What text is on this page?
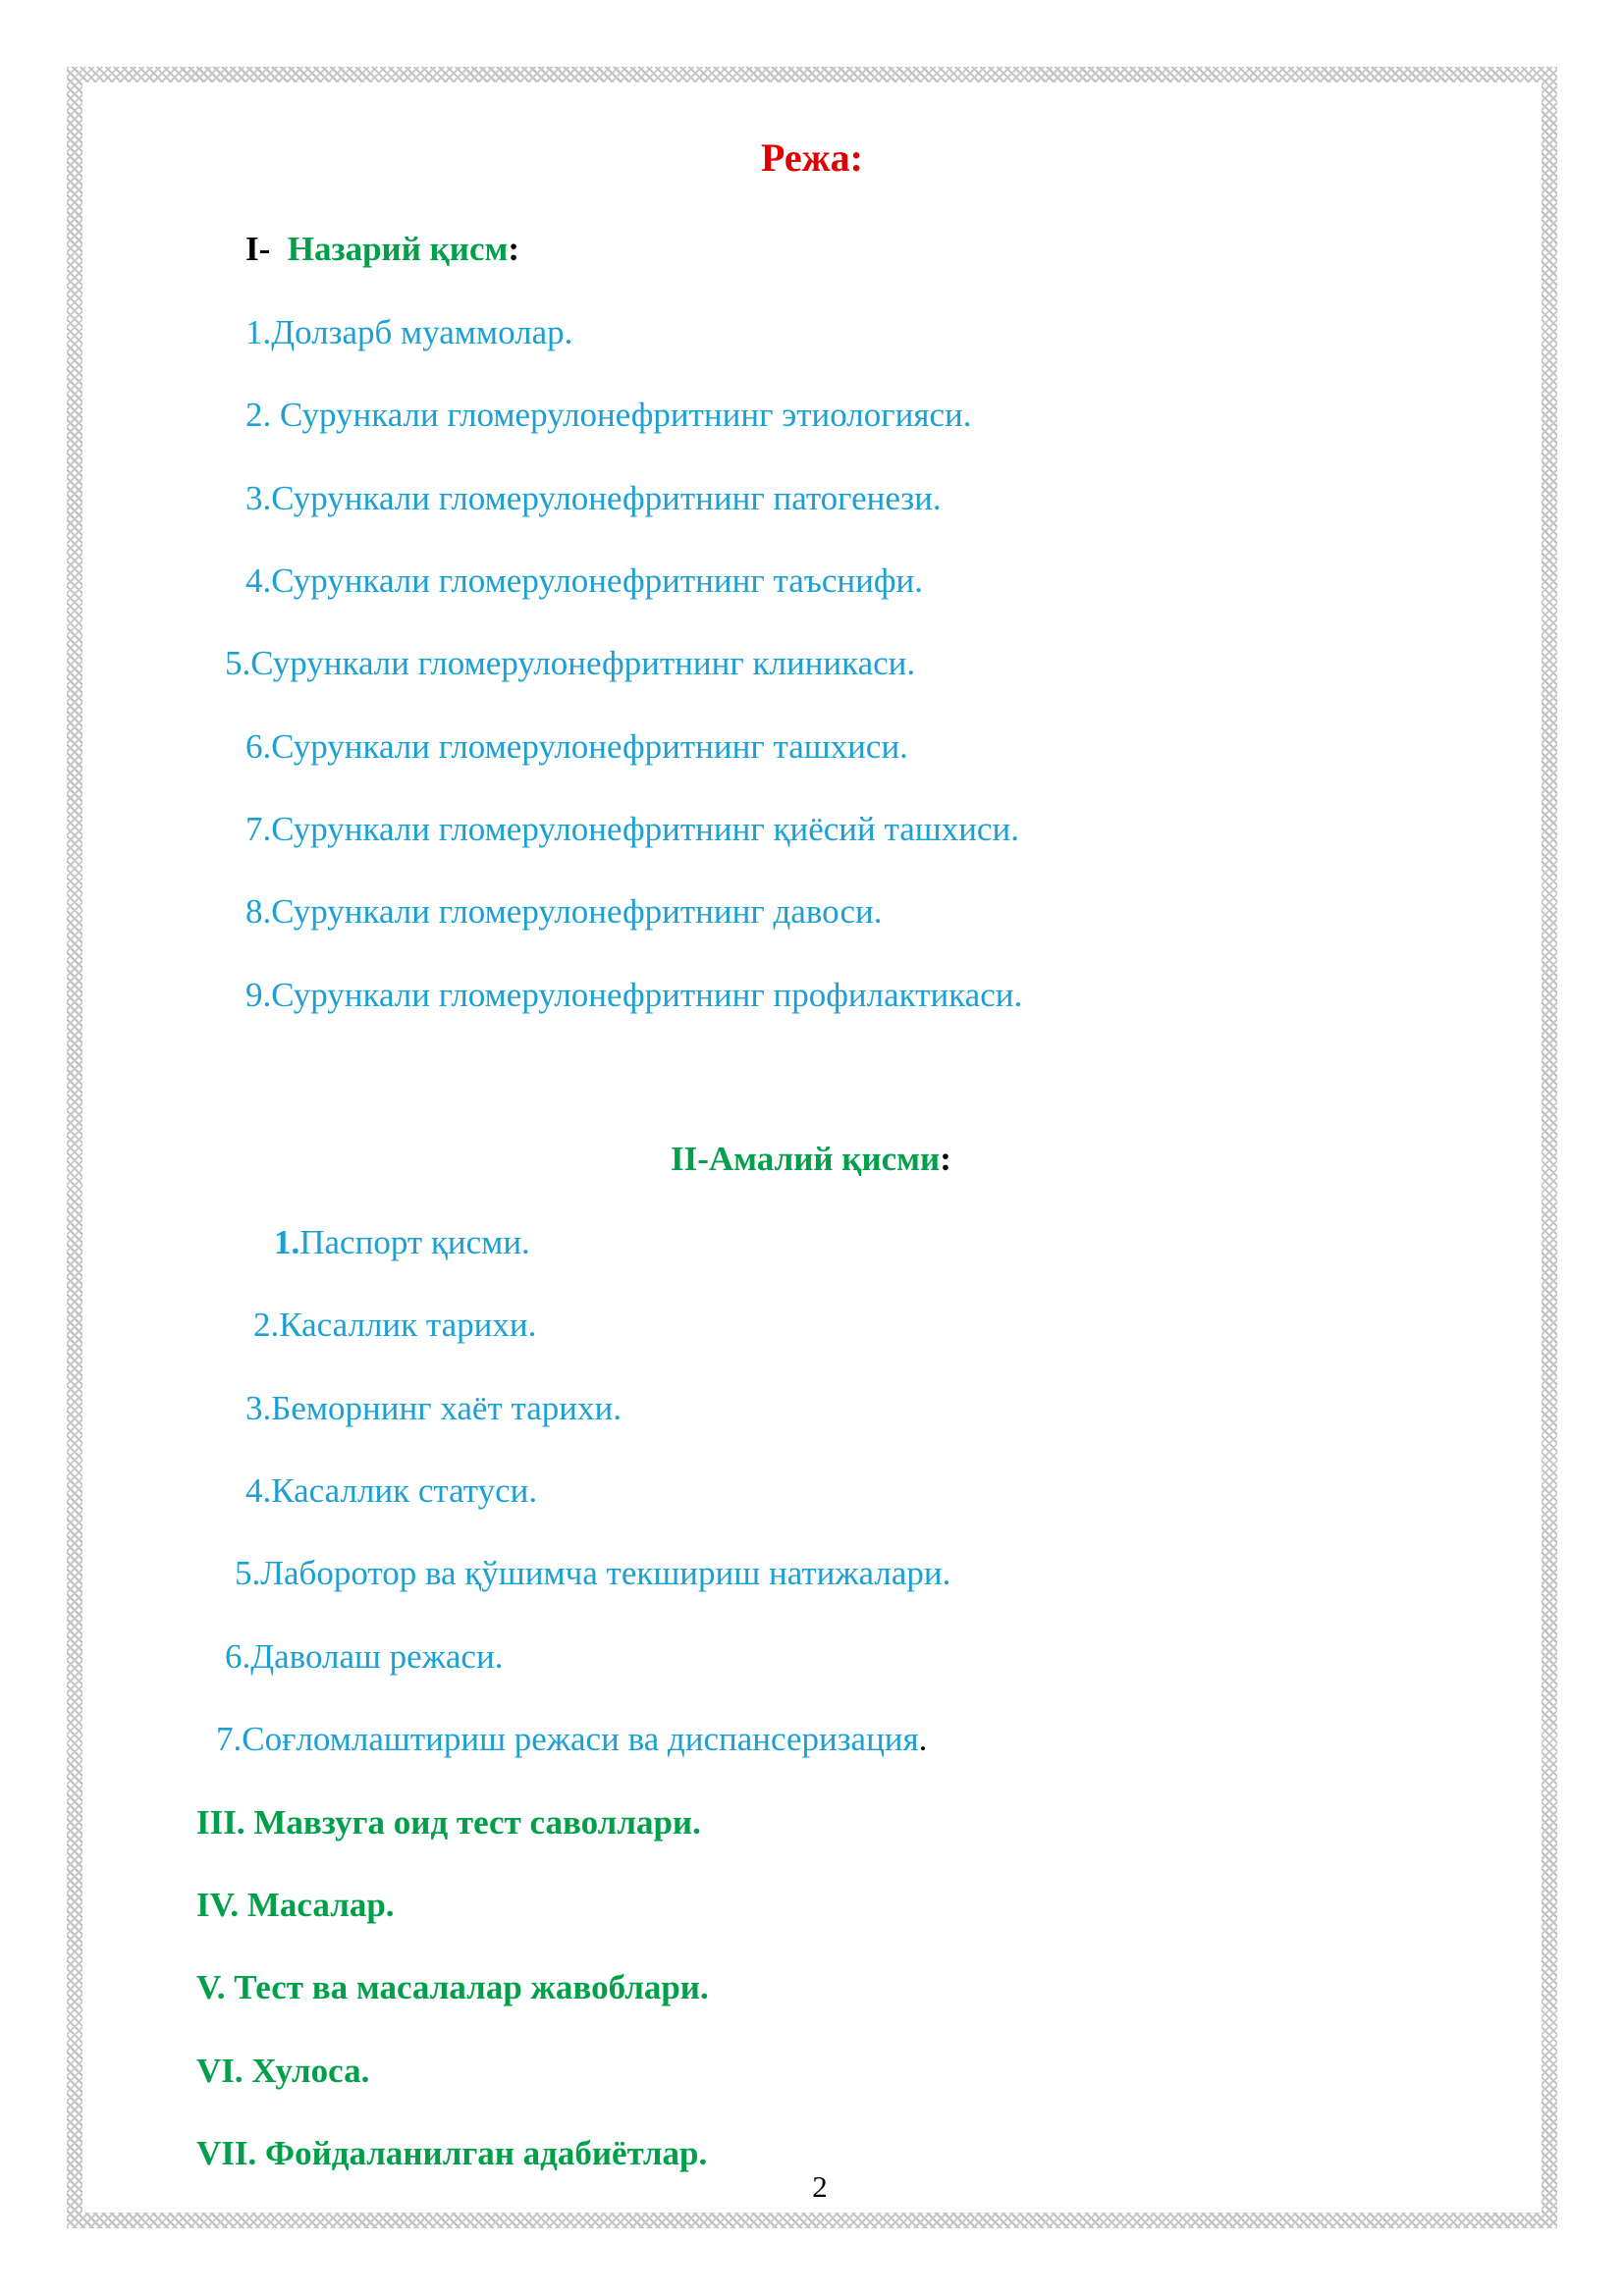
Режа:
I- Назарий қисм:
1.Долзарб муаммолар.
2. Сурункали гломерулонефритнинг этиологияси.
3.Сурункали гломерулонефритнинг патогенези.
4.Сурункали гломерулонефритнинг таъснифи.
5.Сурункали гломерулонефритнинг клиникаси.
6.Сурункали гломерулонефритнинг ташхиси.
7.Сурункали гломерулонефритнинг қиёсий ташхиси.
8.Сурункали гломерулонефритнинг давоси.
9.Сурункали гломерулонефритнинг профилактикаси.
II-Амалий қисми:
1.Паспорт қисми.
2.Касаллик тарихи.
3.Беморнинг хаёт тарихи.
4.Касаллик статуси.
5.Лаборотор ва қўшимча текшириш натижалари.
6.Даволаш режаси.
7.Соғломлаштириш режаси ва диспансеризация.
III. Мавзуга оид тест саволлари.
IV. Масалар.
V. Тест ва масалалар жавоблари.
VI. Хулоса.
VII. Фойдаланилган адабиётлар.
2
